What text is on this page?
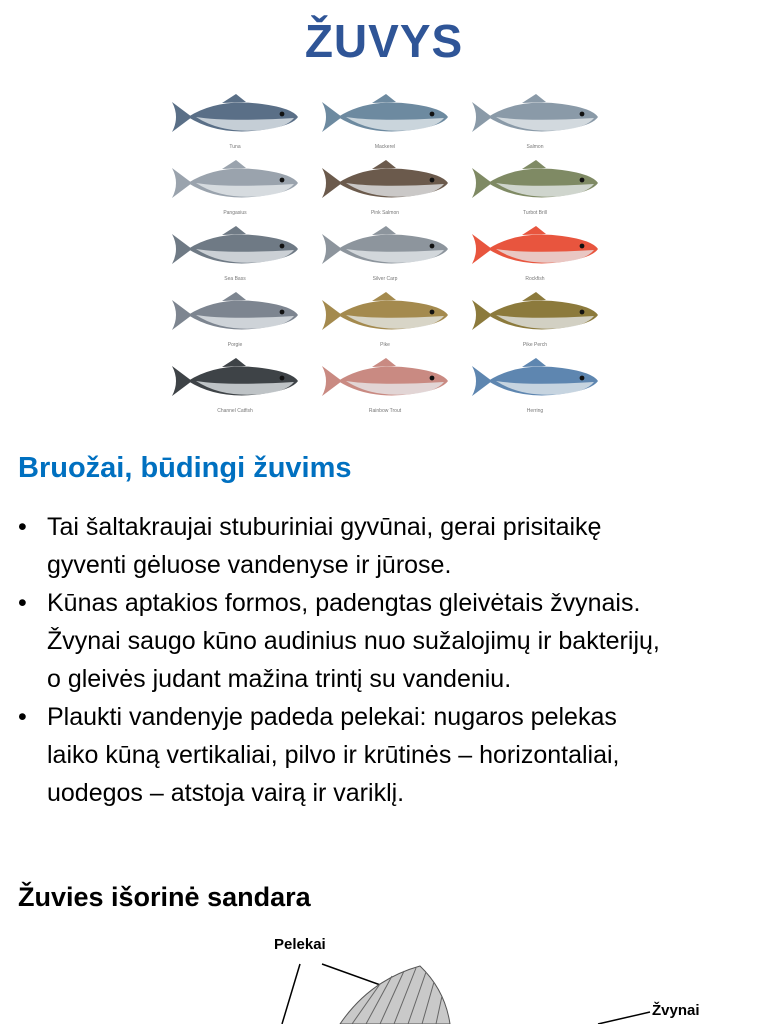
ŽUVYS
Tuna	Mackerel	Salmon
Pangasius	Pink Salmon	Turbot Brill
Sea Bass	Silver Carp	Rockfish
Porgie	Pike	Pike Perch
Channel Catfish	Rainbow Trout	Herring
Bruožai, būdingi žuvims
• Tai šaltakraujai stuburiniai gyvūnai, gerai prisitaikę
gyventi gėluose vandenyse ir jūrose.
• Kūnas aptakios formos, padengtas gleivėtais žvynais.
Žvynai saugo kūno audinius nuo sužalojimų ir bakterijų,
o gleivės judant mažina trintį su vandeniu.
• Plaukti vandenyje padeda pelekai: nugaros pelekas
laiko kūną vertikaliai, pilvo ir krūtinės – horizontaliai,
uodegos – atstoja vairą ir variklį.
Žuvies išorinė sandara
Pelekai
Žvynai
